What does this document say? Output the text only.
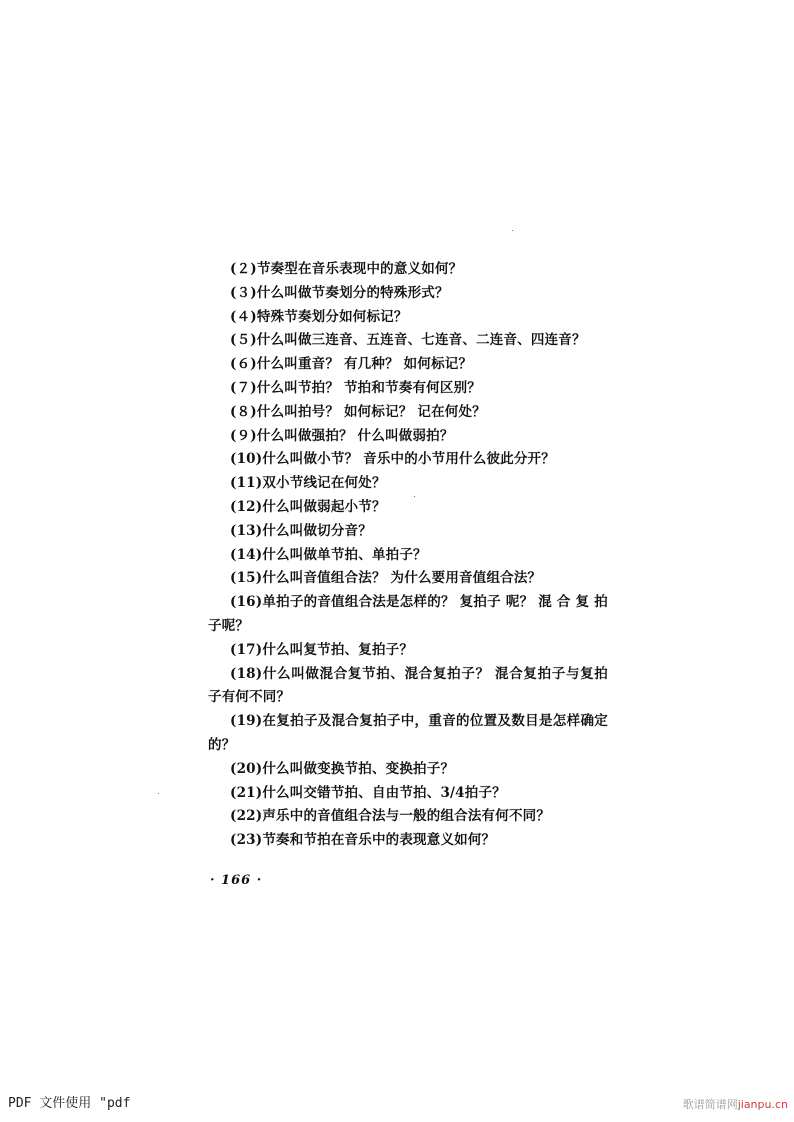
(２)节奏型在音乐表现中的意义如何？
(３)什么叫做节奏划分的特殊形式？
(４)特殊节奏划分如何标记？
(５)什么叫做三连音、五连音、七连音、二连音、四连音？
(６)什么叫重音？ 有几种？ 如何标记？
(７)什么叫节拍？ 节拍和节奏有何区别？
(８)什么叫拍号？ 如何标记？ 记在何处？
(９)什么叫做强拍？ 什么叫做弱拍？
(10)什么叫做小节？ 音乐中的小节用什么彼此分开？
(11)双小节线记在何处？
(12)什么叫做弱起小节？
(13)什么叫做切分音？
(14)什么叫做单节拍、单拍子？
(15)什么叫音值组合法？ 为什么要用音值组合法？
(16)单拍子的音值组合法是怎样的？ 复拍子 呢？ 混 合 复 拍子呢？
(17)什么叫复节拍、复拍子？
(18)什么叫做混合复节拍、混合复拍子？ 混合复拍子与复拍子有何不同？
(19)在复拍子及混合复拍子中，重音的位置及数目是怎样确定的？
(20)什么叫做变换节拍、变换拍子？
(21)什么叫交错节拍、自由节拍、3/4拍子？
(22)声乐中的音值组合法与一般的组合法有何不同？
(23)节奏和节拍在音乐中的表现意义如何？
· 166 ·
PDF 文件使用 "pdf	歌谱简谱网jianpu.cn
